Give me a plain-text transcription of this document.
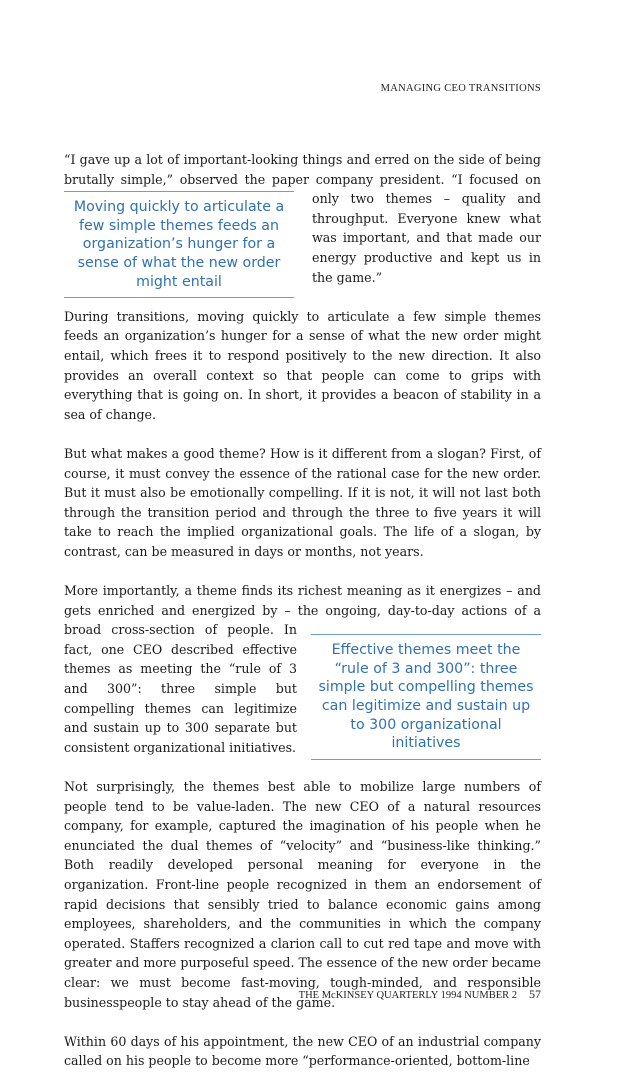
MANAGING CEO TRANSITIONS

“I gave up a lot of important-looking things and erred on the side of being brutally simple,” observed the paper company president. “I focused on only two
Moving quickly to articulate a few simple themes feeds an organization’s hunger for a sense of what the new order might entail
themes – quality and throughput. Everyone knew what was important, and that made our energy productive and kept us in the game.”

During transitions, moving quickly to articulate a few simple themes feeds an organization’s hunger for a sense of what the new order might entail, which frees it to respond positively to the new direction. It also provides an overall context so that people can come to grips with everything that is going on. In short, it provides a beacon of stability in a sea of change.

But what makes a good theme? How is it different from a slogan? First, of course, it must convey the essence of the rational case for the new order. But it must also be emotionally compelling. If it is not, it will not last both through the transition period and through the three to five years it will take to reach the implied organizational goals. The life of a slogan, by contrast, can be measured in days or months, not years.

More importantly, a theme finds its richest meaning as it energizes – and gets enriched and energized by – the ongoing, day-to-day actions of a broad cross-
Effective themes meet the “rule of 3 and 300”: three simple but compelling themes can legitimize and sustain up to 300 organizational initiatives
section of people. In fact, one CEO described effective themes as meeting the “rule of 3 and 300”: three simple but compelling themes can legitimize and sustain up to 300 separate but consistent organizational initiatives.

Not surprisingly, the themes best able to mobilize large numbers of people tend to be value-laden. The new CEO of a natural resources company, for example, captured the imagination of his people when he enunciated the dual themes of “velocity” and “business-like thinking.” Both readily developed personal meaning for everyone in the organization. Front-line people recognized in them an endorsement of rapid decisions that sensibly tried to balance economic gains among employees, shareholders, and the communities in which the company operated. Staffers recognized a clarion call to cut red tape and move with greater and more purposeful speed. The essence of the new order became clear: we must become fast-moving, tough-minded, and responsible businesspeople to stay ahead of the game.

Within 60 days of his appointment, the new CEO of an industrial company called on his people to become more “performance-oriented, bottom-line

THE McKINSEY QUARTERLY 1994 NUMBER 2 57
